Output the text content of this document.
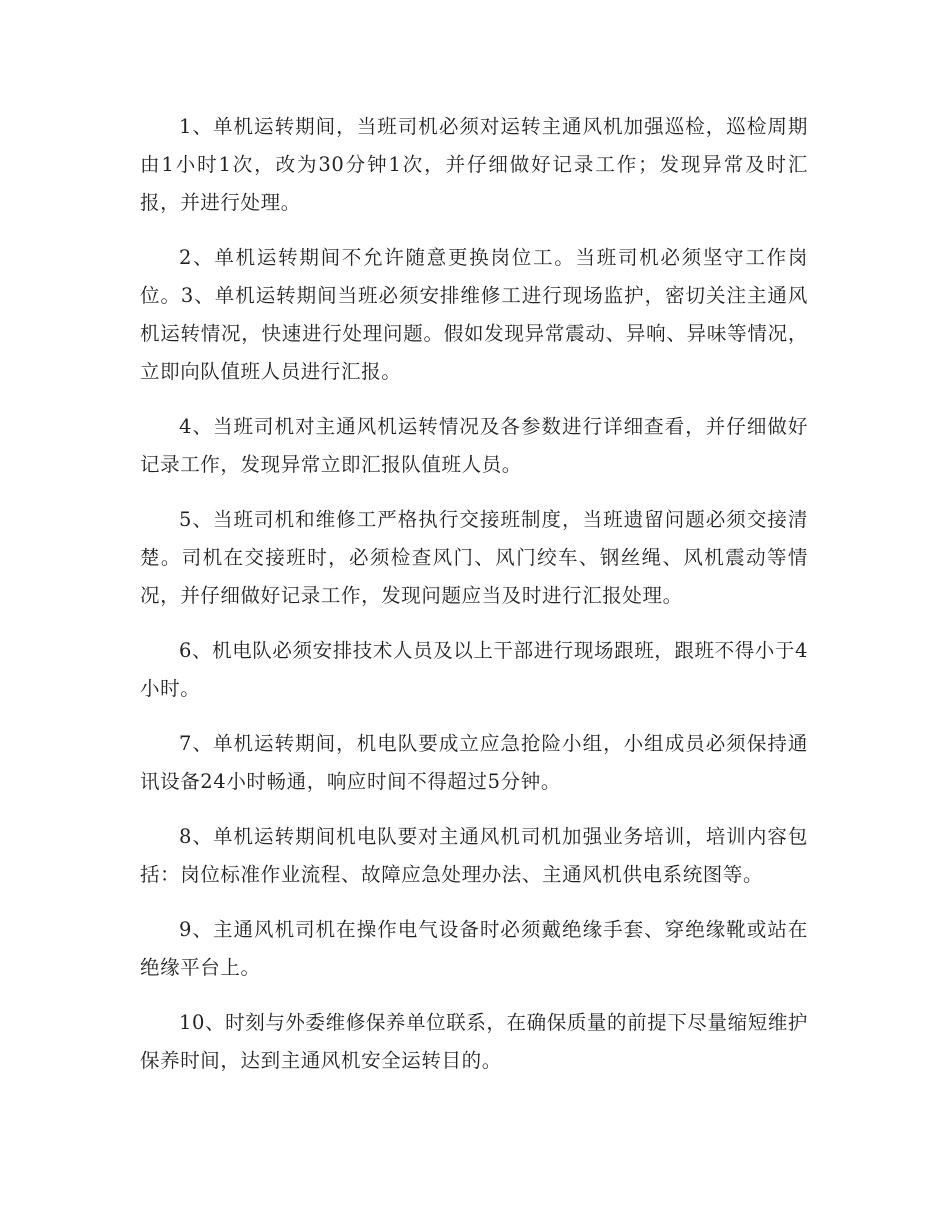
1、单机运转期间，当班司机必须对运转主通风机加强巡检，巡检周期由1小时1次，改为30分钟1次，并仔细做好记录工作；发现异常及时汇报，并进行处理。

2、单机运转期间不允许随意更换岗位工。当班司机必须坚守工作岗位。3、单机运转期间当班必须安排维修工进行现场监护，密切关注主通风机运转情况，快速进行处理问题。假如发现异常震动、异响、异味等情况，立即向队值班人员进行汇报。

4、当班司机对主通风机运转情况及各参数进行详细查看，并仔细做好记录工作，发现异常立即汇报队值班人员。

5、当班司机和维修工严格执行交接班制度，当班遗留问题必须交接清楚。司机在交接班时，必须检查风门、风门绞车、钢丝绳、风机震动等情况，并仔细做好记录工作，发现问题应当及时进行汇报处理。

6、机电队必须安排技术人员及以上干部进行现场跟班，跟班不得小于4小时。

7、单机运转期间，机电队要成立应急抢险小组，小组成员必须保持通讯设备24小时畅通，响应时间不得超过5分钟。

8、单机运转期间机电队要对主通风机司机加强业务培训，培训内容包括：岗位标准作业流程、故障应急处理办法、主通风机供电系统图等。

9、主通风机司机在操作电气设备时必须戴绝缘手套、穿绝缘靴或站在绝缘平台上。

10、时刻与外委维修保养单位联系，在确保质量的前提下尽量缩短维护保养时间，达到主通风机安全运转目的。
